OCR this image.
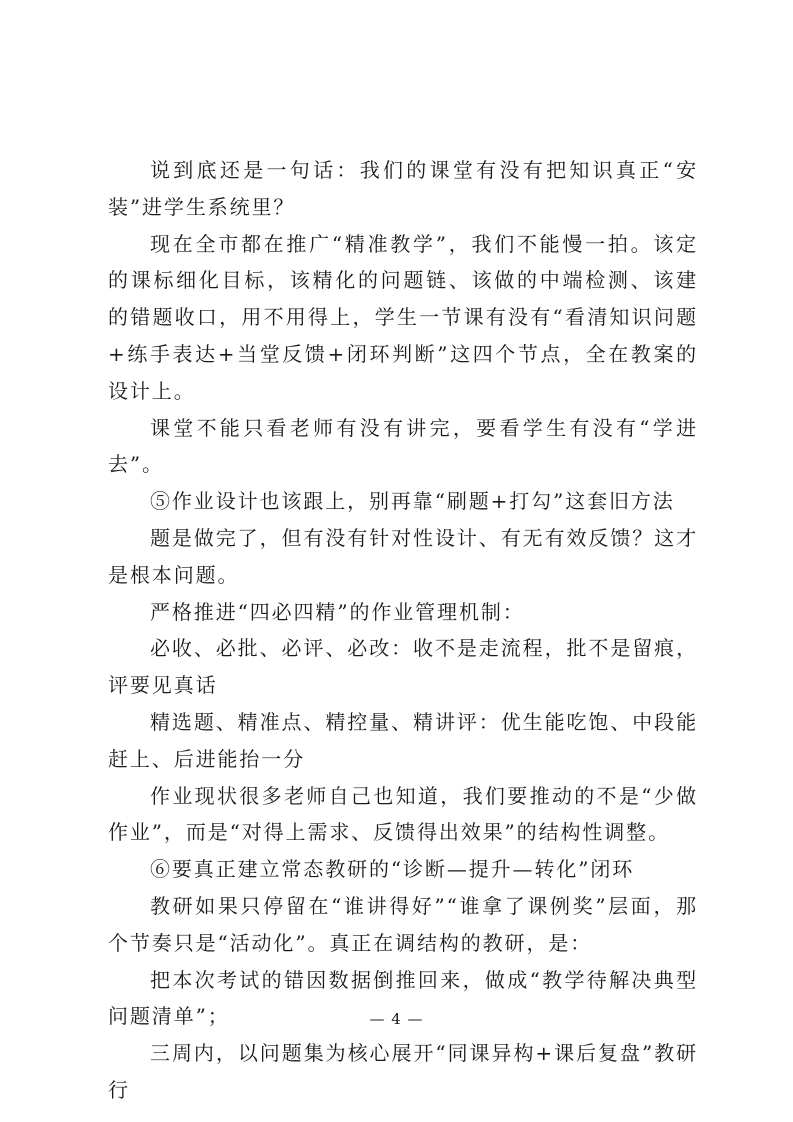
说到底还是一句话：我们的课堂有没有把知识真正“安装”进学生系统里？

现在全市都在推广“精准教学”，我们不能慢一拍。该定的课标细化目标，该精化的问题链、该做的中端检测、该建的错题收口，用不用得上，学生一节课有没有“看清知识问题+练手表达+当堂反馈+闭环判断”这四个节点，全在教案的设计上。

课堂不能只看老师有没有讲完，要看学生有没有“学进去”。

⑤作业设计也该跟上，别再靠“刷题+打勾”这套旧方法

题是做完了，但有没有针对性设计、有无有效反馈？这才是根本问题。

严格推进“四必四精”的作业管理机制：

必收、必批、必评、必改：收不是走流程，批不是留痕，评要见真话

精选题、精准点、精控量、精讲评：优生能吃饱、中段能赶上、后进能抬一分

作业现状很多老师自己也知道，我们要推动的不是“少做作业”，而是“对得上需求、反馈得出效果”的结构性调整。

⑥要真正建立常态教研的“诊断—提升—转化”闭环

教研如果只停留在“谁讲得好”“谁拿了课例奖”层面，那个节奏只是“活动化”。真正在调结构的教研，是：

把本次考试的错因数据倒推回来，做成“教学待解决典型问题清单”；

三周内，以问题集为核心展开“同课异构+课后复盘”教研行

— 4 —
